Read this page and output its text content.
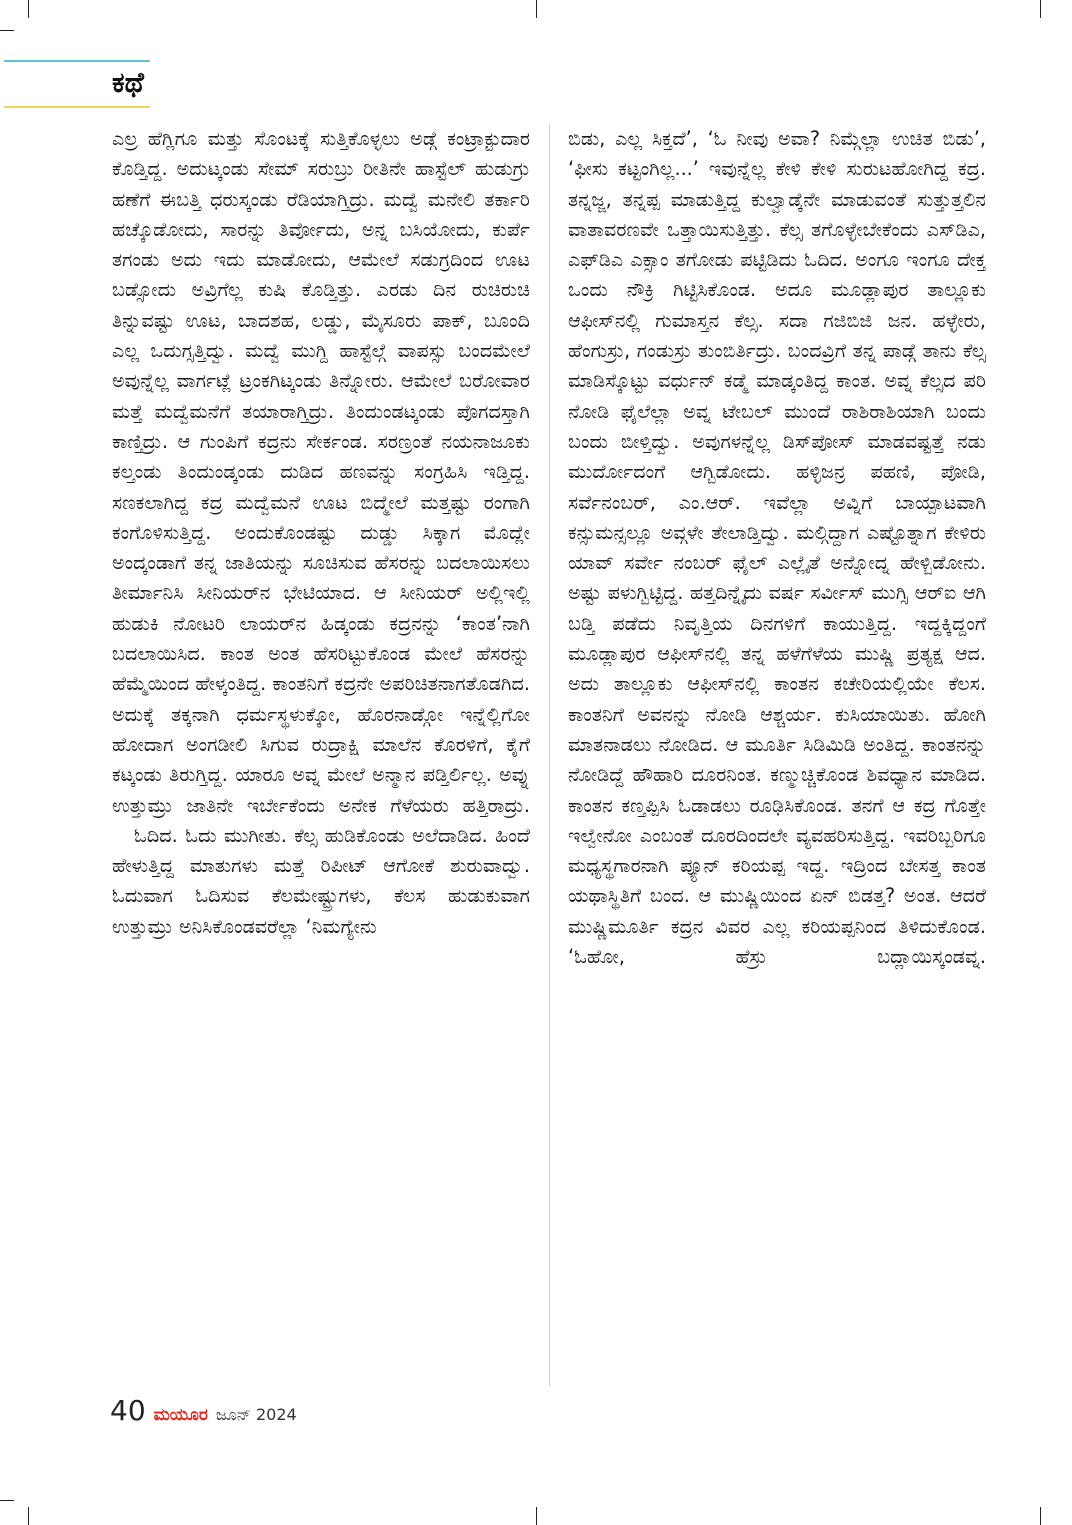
ಕಥೆ

ಎಲ್ರ ಹೆಗ್ಲಿಗೂ ಮತ್ತು ಸೊಂಟಕ್ಕೆ ಸುತ್ತಿಕೊಳ್ಳಲು ಅಡ್ಗೆ ಕಂಟ್ರಾಕ್ಟುದಾರ ಕೊಡ್ತಿದ್ದ. ಅದುಟ್ಕಂಡು ಸೇಮ್ ಸರುಬ್ರು ರೀತಿನೇ ಹಾಸ್ಟೆಲ್ ಹುಡುಗ್ರು ಹಣೆಗೆ ಈಬತ್ತಿ ಧರುಸ್ಕಂಡು ರೆಡಿಯಾಗ್ತಿದ್ರು. ಮದ್ವೆ ಮನೇಲಿ ತರ್ಕಾರಿ ಹಚ್ಕೊಡೋದು, ಸಾರನ್ನು ತಿರ್ವೋದು, ಅನ್ನ ಬಸಿಯೋದು, ಕುರ್ಪೆ ತಗಂಡು ಅದು ಇದು ಮಾಡೋದು, ಆಮೇಲೆ ಸಡುಗ್ರದಿಂದ ಊಟ ಬಡ್ಸೋದು ಅವ್ರಿಗೆಲ್ಲ ಕುಷಿ ಕೊಡ್ತಿತ್ತು. ಎರಡು ದಿನ ರುಚಿರುಚಿ ತಿನ್ನುವಷ್ಟು ಊಟ, ಬಾದಶಹ, ಲಡ್ಡು, ಮೈಸೂರು ಪಾಕ್, ಬೂಂದಿ ಎಲ್ಲ ಒದುಗ್ಸತ್ತಿದ್ವು. ಮದ್ವೆ ಮುಗ್ದಿ ಹಾಸ್ಟೆಲ್ಗೆ ವಾಪಸ್ಸು ಬಂದಮೇಲೆ ಅವುನ್ನೆಲ್ಲ ವಾರ್ಗಟ್ಲೆ ಟ್ರಂಕಗಿಟ್ಕಂಡು ತಿನ್ನೋರು. ಆಮೇಲೆ ಬರೋವಾರ ಮತ್ತೆ ಮದ್ವೆಮನೆಗೆ ತಯಾರಾಗ್ತಿದ್ರು. ತಿಂದುಂಡಟ್ಕಂಡು ಪೊಗದಸ್ತಾಗಿ ಕಾಣ್ತಿದ್ರು. ಆ ಗುಂಪಿಗೆ ಕದ್ರನು ಸೇರ್ಕಂಡ. ಸರಣ್ರಂತೆ ನಯನಾಜೂಕು ಕಲ್ತಂಡು ತಿಂದುಂಡ್ಕಂಡು ದುಡಿದ ಹಣವನ್ನು ಸಂಗ್ರಹಿಸಿ ಇಡ್ತಿದ್ದ. ಸಣಕಲಾಗಿದ್ದ ಕದ್ರ ಮದ್ವೆಮನೆ ಊಟ ಬಿದ್ಮೇಲೆ ಮತ್ತಷ್ಟು ರಂಗಾಗಿ ಕಂಗೊಳಿಸುತ್ತಿದ್ದ. ಅಂದುಕೊಂಡಷ್ಟು ದುಡ್ಡು ಸಿಕ್ಕಾಗ ಮೊದ್ಲೇ ಅಂದ್ಕಂಡಾಗೆ ತನ್ನ ಜಾತಿಯನ್ನು ಸೂಚಿಸುವ ಹೆಸರನ್ನು ಬದಲಾಯಿಸಲು ತೀರ್ಮಾನಿಸಿ ಸೀನಿಯರ್‌ನ ಭೇಟಿಯಾದ. ಆ ಸೀನಿಯರ್ ಅಲ್ಲಿಇಲ್ಲಿ ಹುಡುಕಿ ನೋಟರಿ ಲಾಯರ್‌ನ ಹಿಡ್ಕಂಡು ಕದ್ರನನ್ನು ‘ಕಾಂತ’ನಾಗಿ ಬದಲಾಯಿಸಿದ. ಕಾಂತ ಅಂತ ಹೆಸರಿಟ್ಟುಕೊಂಡ ಮೇಲೆ ಹೆಸರನ್ನು ಹೆಮ್ಮೆಯಿಂದ ಹೇಳ್ಕಂತಿದ್ದ. ಕಾಂತನಿಗೆ ಕದ್ರನೇ ಅಪರಿಚಿತನಾಗತೊಡಗಿದ. ಅದುಕ್ಕೆ ತಕ್ಕನಾಗಿ ಧರ್ಮಸ್ಥಳುಕ್ಕೋ, ಹೊರನಾಡ್ಗೋ ಇನ್ನೆಲ್ಲಿಗೋ ಹೋದಾಗ ಅಂಗಡೀಲಿ ಸಿಗುವ ರುದ್ರಾಕ್ಷಿ ಮಾಲೆನ ಕೊರಳಿಗೆ, ಕೈಗೆ ಕಟ್ಕಂಡು ತಿರುಗ್ತಿದ್ದ. ಯಾರೂ ಅವ್ನ ಮೇಲೆ ಅನ್ಮಾನ ಪಡ್ತಿರ್ಲಿಲ್ಲ. ಅವ್ನು ಉತ್ತುಮ್ರು ಜಾತಿನೇ ಇರ್ಬೇಕೆಂದು ಅನೇಕ ಗೆಳೆಯರು ಹತ್ತಿರಾದ್ರು.

ಓದಿದ. ಓದು ಮುಗೀತು. ಕೆಲ್ಸ ಹುಡಿಕೊಂಡು ಅಲೆದಾಡಿದ. ಹಿಂದೆ ಹೇಳುತ್ತಿದ್ದ ಮಾತುಗಳು ಮತ್ತೆ ರಿಪೀಟ್ ಆಗೋಕೆ ಶುರುವಾದ್ವು. ಓದುವಾಗ ಓದಿಸುವ ಕೆಲಮೇಷ್ಟ್ರುಗಳು, ಕೆಲಸ ಹುಡುಕುವಾಗ ಉತ್ತುಮ್ರು ಅನಿಸಿಕೊಂಡವರೆಲ್ಲಾ ‘ನಿಮಗ್ಯೇನು

ಬಿಡು, ಎಲ್ಲ ಸಿಕ್ತದೆ’, ‘ಓ ನೀವು ಅವಾ? ನಿಮ್ಗೆಲ್ಲಾ ಉಚಿತ ಬಿಡು’, ‘ಫೀಸು ಕಟ್ಟಂಗಿಲ್ಲ...’ ಇವುನ್ನೆಲ್ಲ ಕೇಳಿ ಕೇಳಿ ಸುರುಟಹೋಗಿದ್ದ ಕದ್ರ. ತನ್ನಜ್ಜ, ತನ್ನಪ್ಪ ಮಾಡುತ್ತಿದ್ದ ಕುಲ್ವಾಡ್ಕೆನೇ ಮಾಡುವಂತೆ ಸುತ್ತುತ್ತಲಿನ ವಾತಾವರಣವೇ ಒತ್ತಾಯಿಸುತ್ತಿತ್ತು. ಕೆಲ್ಸ ತಗೊಳ್ಳೇಬೇಕೆಂದು ಎಸ್‌ಡಿಎ, ಎಫ್‌ಡಿಎ ಎಕ್ಸಾಂ ತಗೋಡು ಪಟ್ಟಿಡಿದು ಓದಿದ. ಅಂಗೂ ಇಂಗೂ ದೇಕ್ತ ಒಂದು ನೌಕ್ರಿ ಗಿಟ್ಟಿಸಿಕೊಂಡ. ಅದೂ ಮೂಡ್ಲಾಪುರ ತಾಲ್ಲೂಕು ಆಫೀಸ್‌ನಲ್ಲಿ ಗುಮಾಸ್ತನ ಕೆಲ್ಸ. ಸದಾ ಗಜಿಬಿಜಿ ಜನ. ಹಳ್ಳೇರು, ಹೆಂಗುಸ್ರು, ಗಂಡುಸ್ರು ತುಂಬಿರ್ತಿದ್ರು. ಬಂದವ್ರಿಗೆ ತನ್ನ ಪಾಡ್ಗೆ ತಾನು ಕೆಲ್ಸ ಮಾಡಿಸ್ಕೊಟ್ಟು ವರ್ಧುನ್ ಕಡ್ಮೆ ಮಾಡ್ಕಂತಿದ್ದ ಕಾಂತ. ಅವ್ನ ಕೆಲ್ಸದ ಪರಿ ನೋಡಿ ಫೈಲೆಲ್ಲಾ ಅವ್ನ ಟೇಬಲ್ ಮುಂದೆ ರಾಶಿರಾಶಿಯಾಗಿ ಬಂದು ಬಂದು ಬೀಳ್ತಿದ್ವು. ಅವುಗಳನ್ನೆಲ್ಲ ಡಿಸ್‌ಪೋಸ್ ಮಾಡವಷ್ಟತ್ತೆ ನಡು ಮುರ್ದೋದಂಗೆ ಆಗ್ಬಿಡೋದು. ಹಳ್ಳಿಜನ್ರ ಪಹಣಿ, ಪೋಡಿ, ಸರ್ವೆನಂಬರ್, ಎಂ.ಆರ್. ಇವೆಲ್ಲಾ ಅವ್ನಿಗೆ ಬಾಯ್ಪಾಟವಾಗಿ ಕನ್ಸುಮನ್ಸಲ್ಲೂ ಅವ್ಗಳೇ ತೇಲಾಡ್ತಿದ್ವು. ಮಲ್ಗಿದ್ದಾಗ ಎಷ್ಟೊತ್ನಾಗ ಕೇಳಿರು ಯಾವ್ ಸರ್ವೇ ನಂಬರ್ ಫೈಲ್ ಎಲ್ಲೈತೆ ಅನ್ನೋದ್ನ ಹೇಳ್ಬಿಡೋನು. ಅಷ್ಟು ಪಳುಗ್ಬಿಟ್ಟಿದ್ದ. ಹತ್ತದಿನ್ನೈದು ವರ್ಷ ಸರ್ವೀಸ್ ಮುಗ್ಸಿ ಆರ್‌ಐ ಆಗಿ ಬಡ್ತಿ ಪಡೆದು ನಿವೃತ್ತಿಯ ದಿನಗಳಿಗೆ ಕಾಯುತ್ತಿದ್ದ. ಇದ್ದಕ್ಕಿದ್ದಂಗೆ ಮೂಡ್ಲಾಪುರ ಆಫೀಸ್‌ನಲ್ಲಿ ತನ್ನ ಹಳೆಗೆಳೆಯ ಮುಷ್ಣಿ ಪ್ರತ್ಯಕ್ಷ ಆದ. ಅದು ತಾಲ್ಲೂಕು ಆಫೀಸ್‌ನಲ್ಲಿ ಕಾಂತನ ಕಚೇರಿಯಲ್ಲಿಯೇ ಕೆಲಸ. ಕಾಂತನಿಗೆ ಅವನನ್ನು ನೋಡಿ ಆಶ್ಚರ್ಯ. ಕುಸಿಯಾಯಿತು. ಹೋಗಿ ಮಾತನಾಡಲು ನೋಡಿದ. ಆ ಮೂರ್ತಿ ಸಿಡಿಮಿಡಿ ಅಂತಿದ್ದ. ಕಾಂತನನ್ನು ನೋಡಿದ್ದೆ ಹೌಹಾರಿ ದೂರನಿಂತ. ಕಣ್ಮುಚ್ಚಿಕೊಂಡ ಶಿವಧ್ಯಾನ ಮಾಡಿದ. ಕಾಂತನ ಕಣ್ತಪ್ಪಿಸಿ ಓಡಾಡಲು ರೂಢಿಸಿಕೊಂಡ. ತನಗೆ ಆ ಕದ್ರ ಗೊತ್ತೇ ಇಲ್ವೇನೋ ಎಂಬಂತೆ ದೂರದಿಂದಲೇ ವ್ಯವಹರಿಸುತ್ತಿದ್ದ. ಇವರಿಬ್ಬರಿಗೂ ಮಧ್ಯಸ್ಥಗಾರನಾಗಿ ಪ್ಯೂನ್ ಕರಿಯಪ್ಪ ಇದ್ದ. ಇದ್ರಿಂದ ಬೇಸತ್ತ ಕಾಂತ ಯಥಾಸ್ಥಿತಿಗೆ ಬಂದ. ಆ ಮುಷ್ಣಿಯಿಂದ ಏನ್ ಬಿಡತ್ತ? ಅಂತ. ಆದರೆ ಮುಷ್ಣಿಮೂರ್ತಿ ಕದ್ರನ ವಿವರ ಎಲ್ಲ ಕರಿಯಪ್ಪನಿಂದ ತಿಳಿದುಕೊಂಡ. ‘ಓಹೋ, ಹೆಸ್ರು ಬದ್ಲಾಯಿಸ್ಕಂಡವ್ನ.

40 ಮಯೂರ ಜೂನ್ 2024
